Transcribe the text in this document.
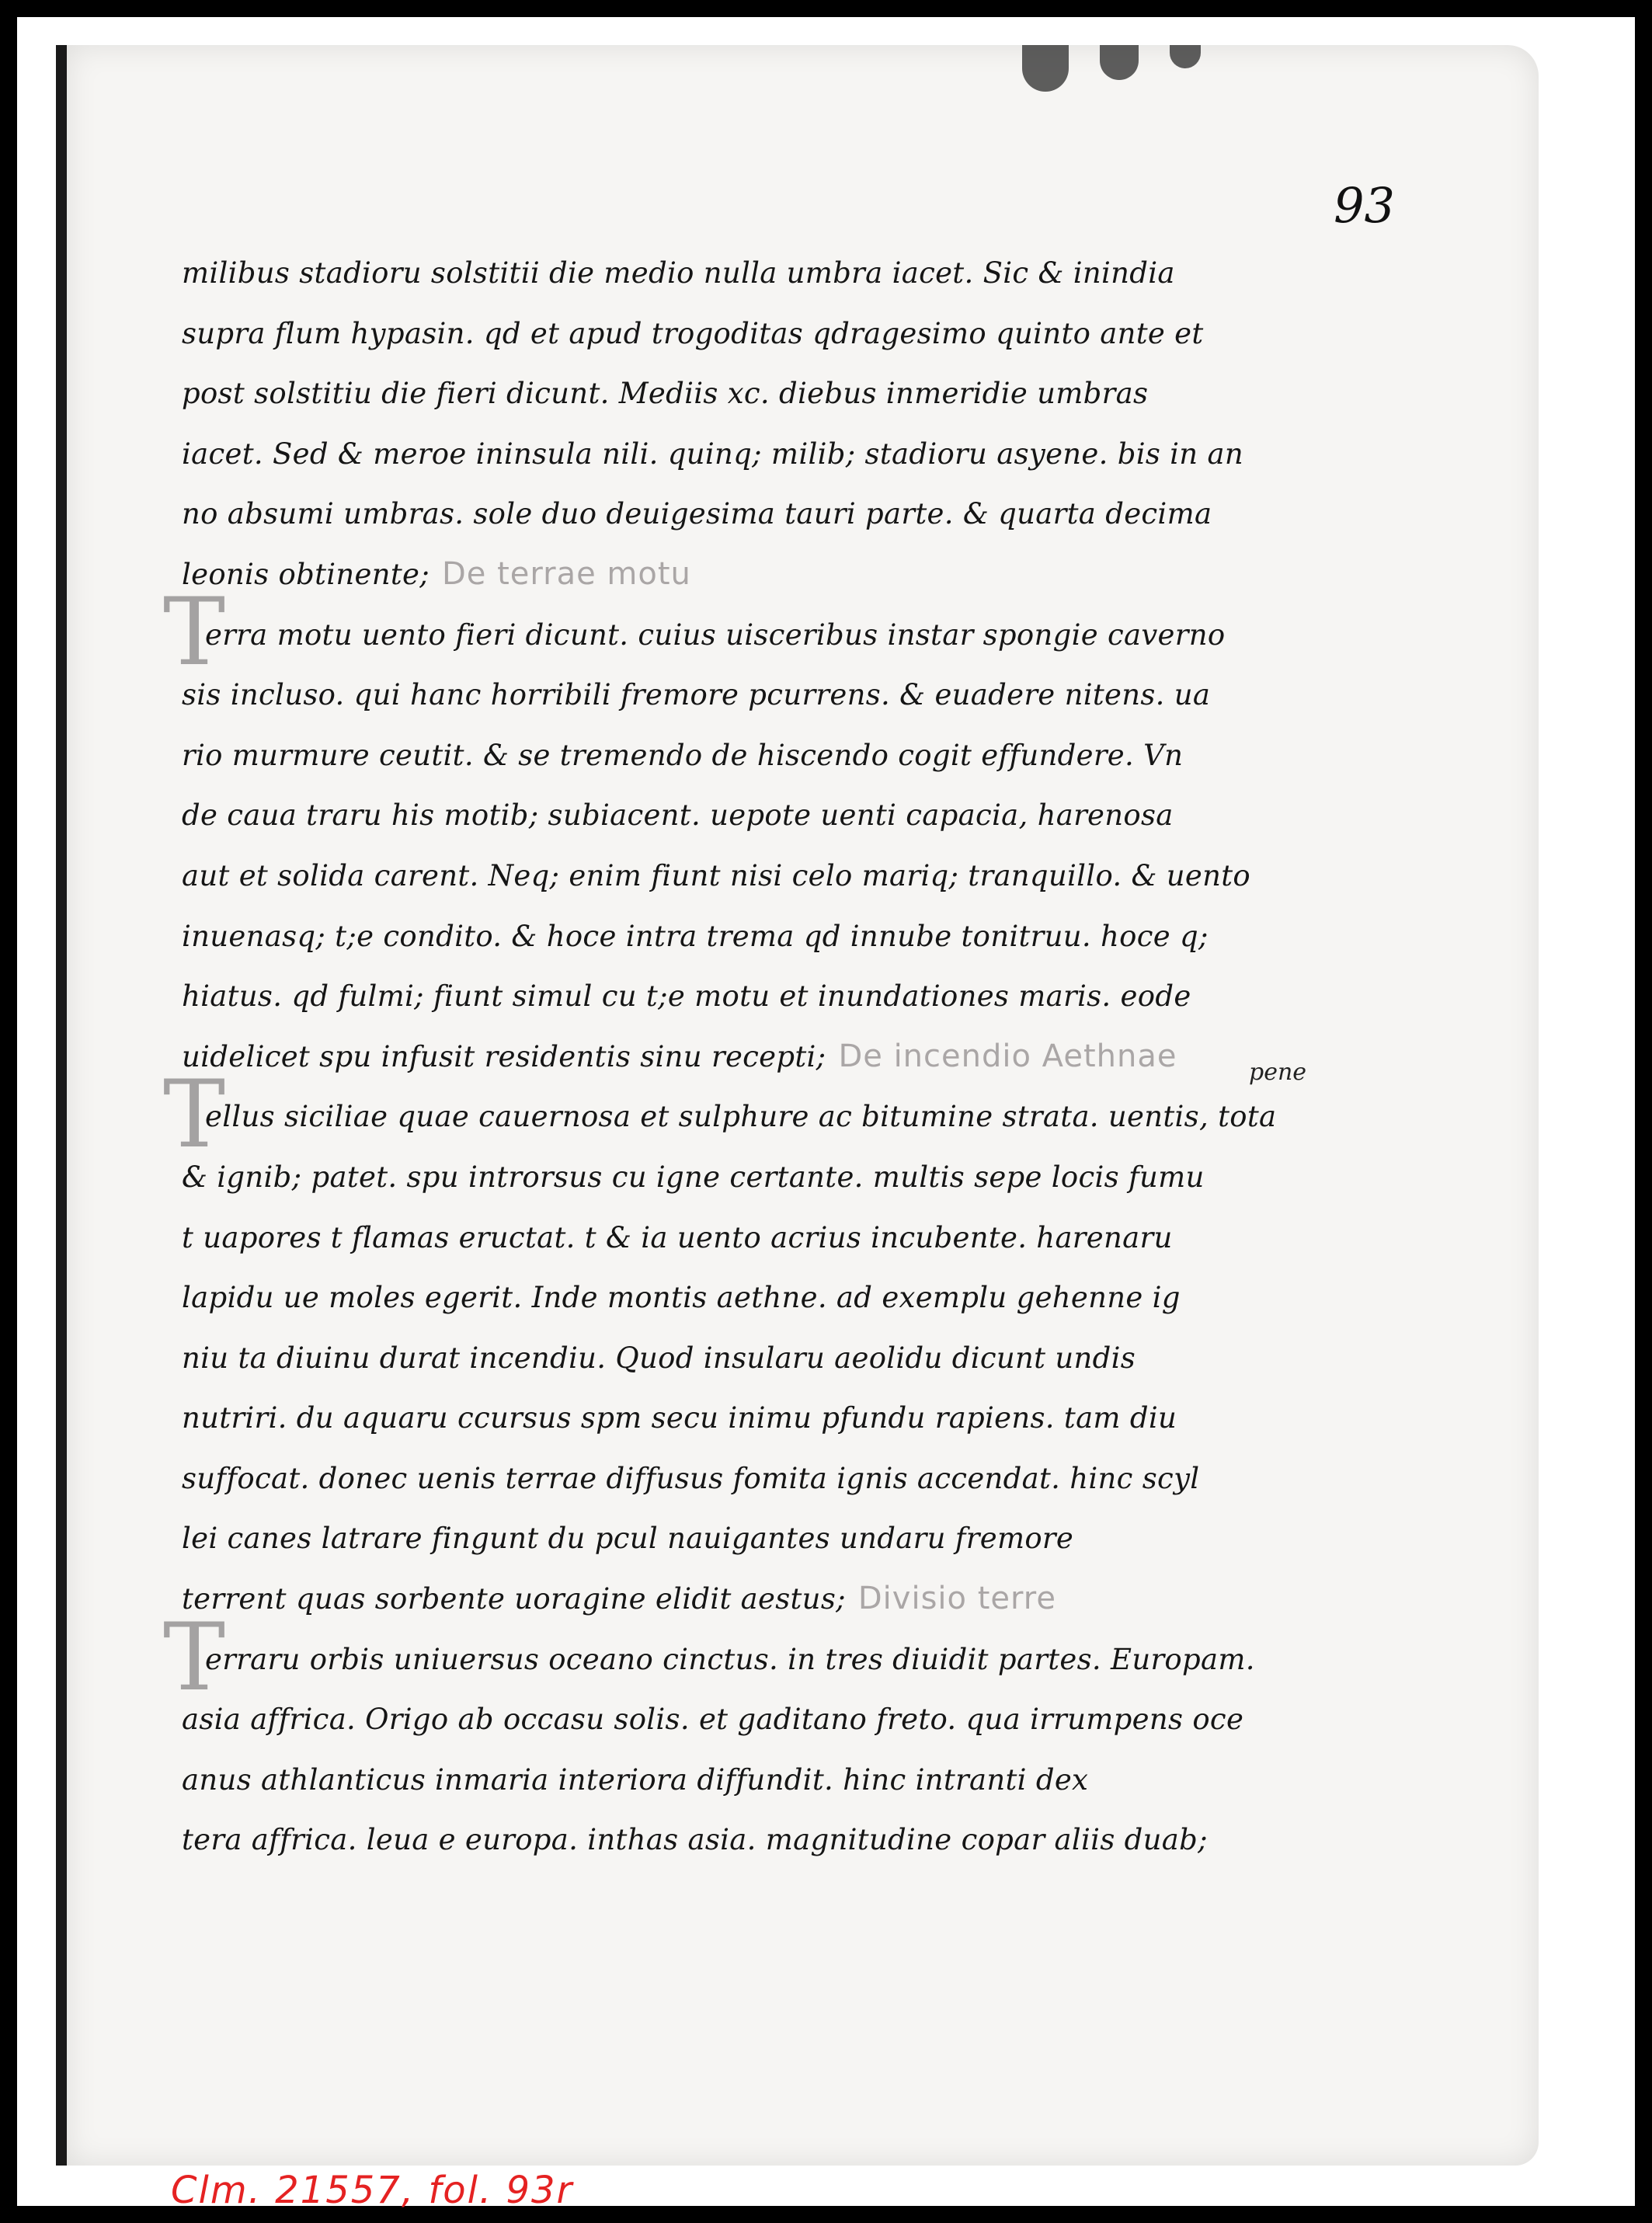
93
pene
T
T
T
milibus stadioru solstitii die medio nulla umbra iacet. Sic & inindia
supra flum hypasin. qd et apud trogoditas qdragesimo quinto ante et
post solstitiu die fieri dicunt. Mediis xc. diebus inmeridie umbras
iacet. Sed & meroe ininsula nili. quinq; milib; stadioru asyene. bis in an
no absumi umbras. sole duo deuigesima tauri parte. & quarta decima
leonis obtinente; De terrae motu
erra motu uento fieri dicunt. cuius uisceribus instar spongie caverno
sis incluso. qui hanc horribili fremore pcurrens. & euadere nitens. ua
rio murmure ceutit. & se tremendo de hiscendo cogit effundere. Vn
de caua traru his motib; subiacent. uepote uenti capacia, harenosa
aut et solida carent. Neq; enim fiunt nisi celo mariq; tranquillo. & uento
inuenasq; t;e condito. & hoce intra trema qd innube tonitruu. hoce q;
hiatus. qd fulmi; fiunt simul cu t;e motu et inundationes maris. eode
uidelicet spu infusit residentis sinu recepti; De incendio Aethnae
ellus siciliae quae cauernosa et sulphure ac bitumine strata. uentis, tota
& ignib; patet. spu introrsus cu igne certante. multis sepe locis fumu
t uapores t flamas eructat. t & ia uento acrius incubente. harenaru
lapidu ue moles egerit. Inde montis aethne. ad exemplu gehenne ig
niu ta diuinu durat incendiu. Quod insularu aeolidu dicunt undis
nutriri. du aquaru ccursus spm secu inimu pfundu rapiens. tam diu
suffocat. donec uenis terrae diffusus fomita ignis accendat. hinc scyl
lei canes latrare fingunt du pcul nauigantes undaru fremore
terrent quas sorbente uoragine elidit aestus; Divisio terre
erraru orbis uniuersus oceano cinctus. in tres diuidit partes. Europam.
asia affrica. Origo ab occasu solis. et gaditano freto. qua irrumpens oce
anus athlanticus inmaria interiora diffundit. hinc intranti dex
tera affrica. leua e europa. inthas asia. magnitudine copar aliis duab;
Clm. 21557, fol. 93r
